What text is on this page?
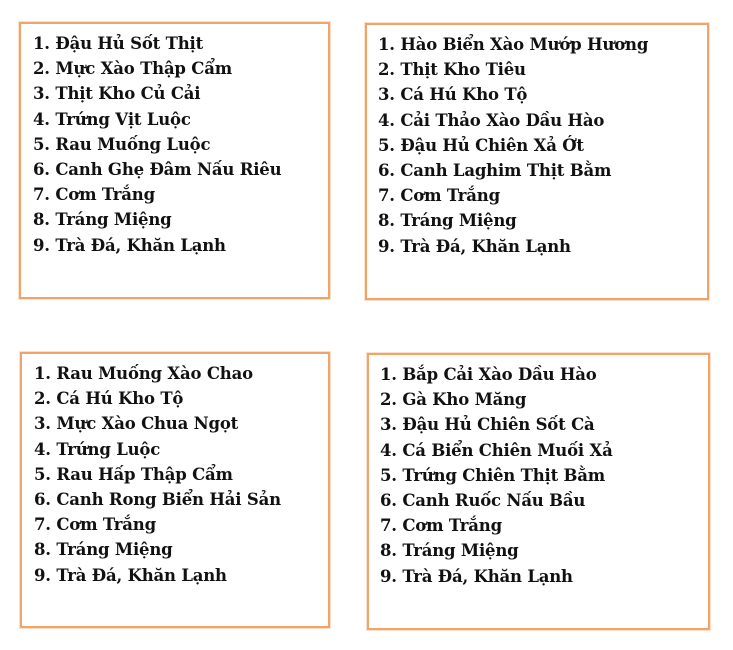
1. Đậu Hủ Sốt Thịt
2. Mực Xào Thập Cẩm
3. Thịt Kho Củ Cải
4. Trứng Vịt Luộc
5. Rau Muống Luộc
6. Canh Ghẹ Đâm Nấu Riêu
7. Cơm Trắng
8. Tráng Miệng
9. Trà Đá, Khăn Lạnh
1. Hào Biển Xào Mướp Hương
2. Thịt Kho Tiêu
3. Cá Hú Kho Tộ
4. Cải Thảo Xào Dầu Hào
5. Đậu Hủ Chiên Xả Ớt
6. Canh Laghim Thịt Bằm
7. Cơm Trắng
8. Tráng Miệng
9. Trà Đá, Khăn Lạnh
1. Rau Muống Xào Chao
2. Cá Hú Kho Tộ
3. Mực Xào Chua Ngọt
4. Trứng Luộc
5. Rau Hấp Thập Cẩm
6. Canh Rong Biển Hải Sản
7. Cơm Trắng
8. Tráng Miệng
9. Trà Đá, Khăn Lạnh
1. Bắp Cải Xào Dầu Hào
2. Gà Kho Măng
3. Đậu Hủ Chiên Sốt Cà
4. Cá Biển Chiên Muối Xả
5. Trứng Chiên Thịt Bằm
6. Canh Ruốc Nấu Bầu
7. Cơm Trắng
8. Tráng Miệng
9. Trà Đá, Khăn Lạnh
